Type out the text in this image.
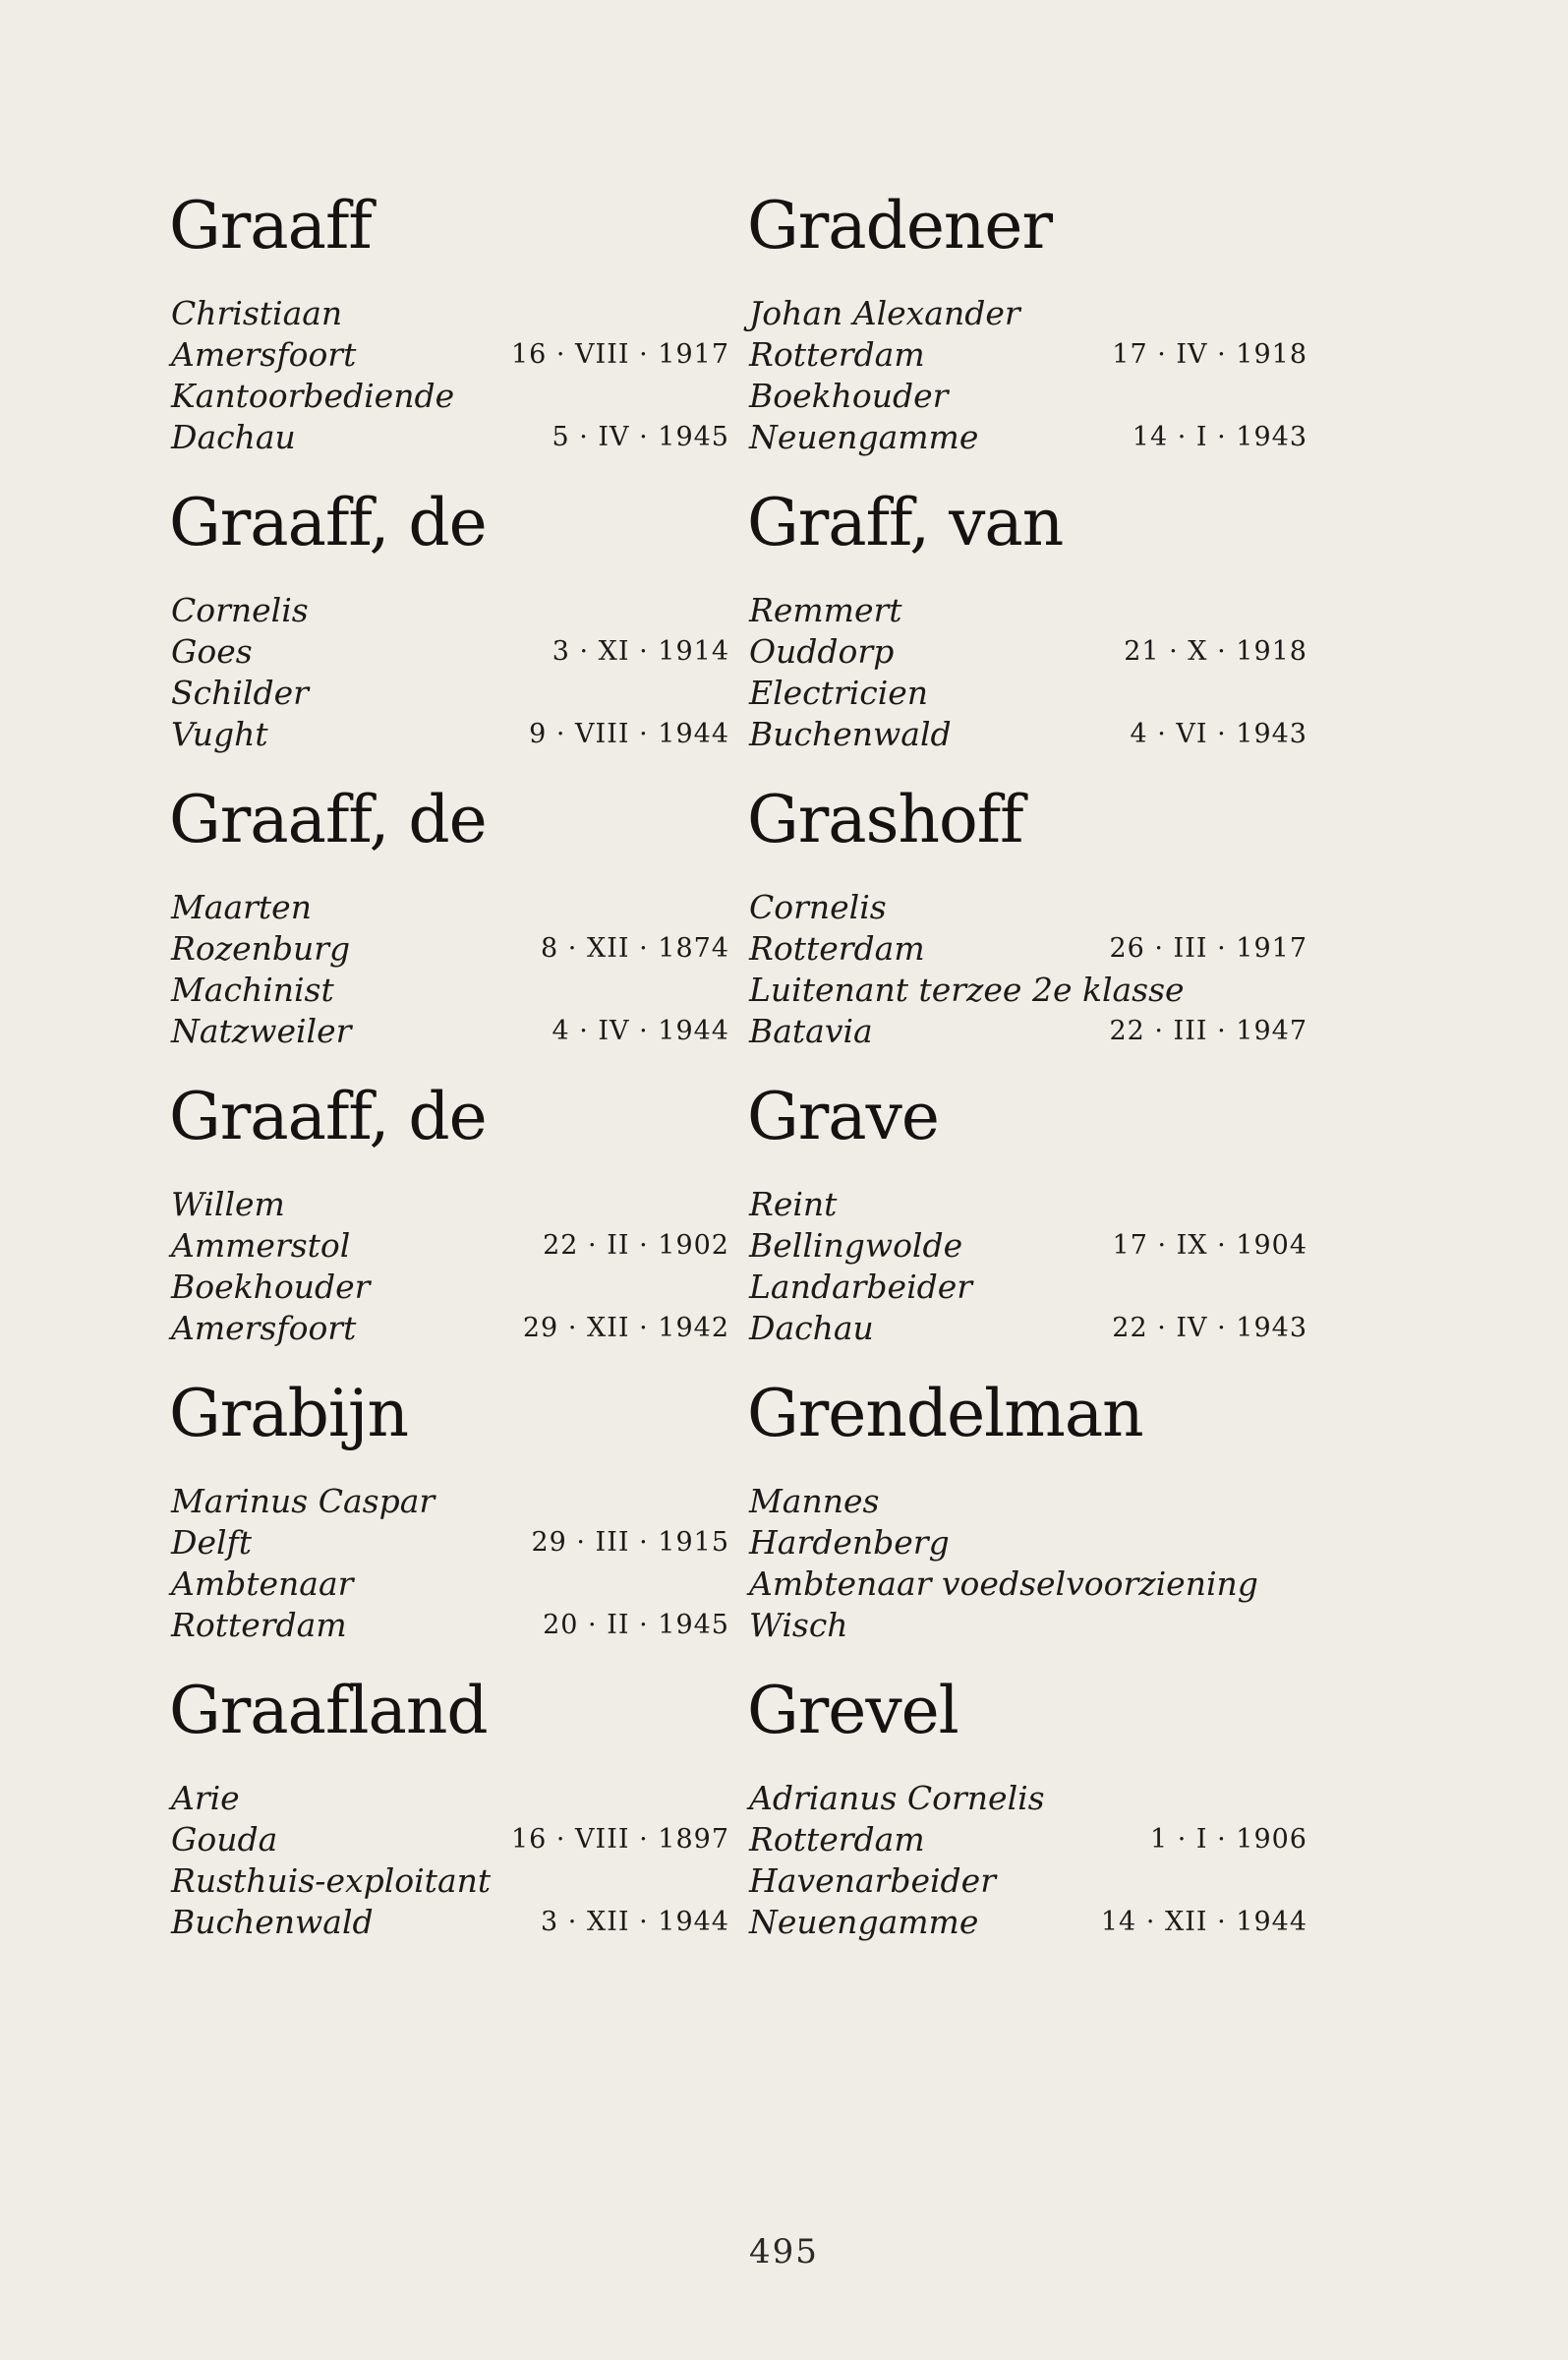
Graaff
Christiaan
Amersfoort	16 · VIII · 1917
Kantoorbediende
Dachau	5 · IV · 1945
Graaff, de
Cornelis
Goes	3 · XI · 1914
Schilder
Vught	9 · VIII · 1944
Graaff, de
Maarten
Rozenburg	8 · XII · 1874
Machinist
Natzweiler	4 · IV · 1944
Graaff, de
Willem
Ammerstol	22 · II · 1902
Boekhouder
Amersfoort	29 · XII · 1942
Grabijn
Marinus Caspar
Delft	29 · III · 1915
Ambtenaar
Rotterdam	20 · II · 1945
Graafland
Arie
Gouda	16 · VIII · 1897
Rusthuis-exploitant
Buchenwald	3 · XII · 1944
Gradener
Johan Alexander
Rotterdam	17 · IV · 1918
Boekhouder
Neuengamme	14 · I · 1943
Graff, van
Remmert
Ouddorp	21 · X · 1918
Electricien
Buchenwald	4 · VI · 1943
Grashoff
Cornelis
Rotterdam	26 · III · 1917
Luitenant terzee 2e klasse
Batavia	22 · III · 1947
Grave
Reint
Bellingwolde	17 · IX · 1904
Landarbeider
Dachau	22 · IV · 1943
Grendelman
Mannes
Hardenberg
Ambtenaar voedselvoorziening
Wisch
Grevel
Adrianus Cornelis
Rotterdam	1 · I · 1906
Havenarbeider
Neuengamme	14 · XII · 1944
495
